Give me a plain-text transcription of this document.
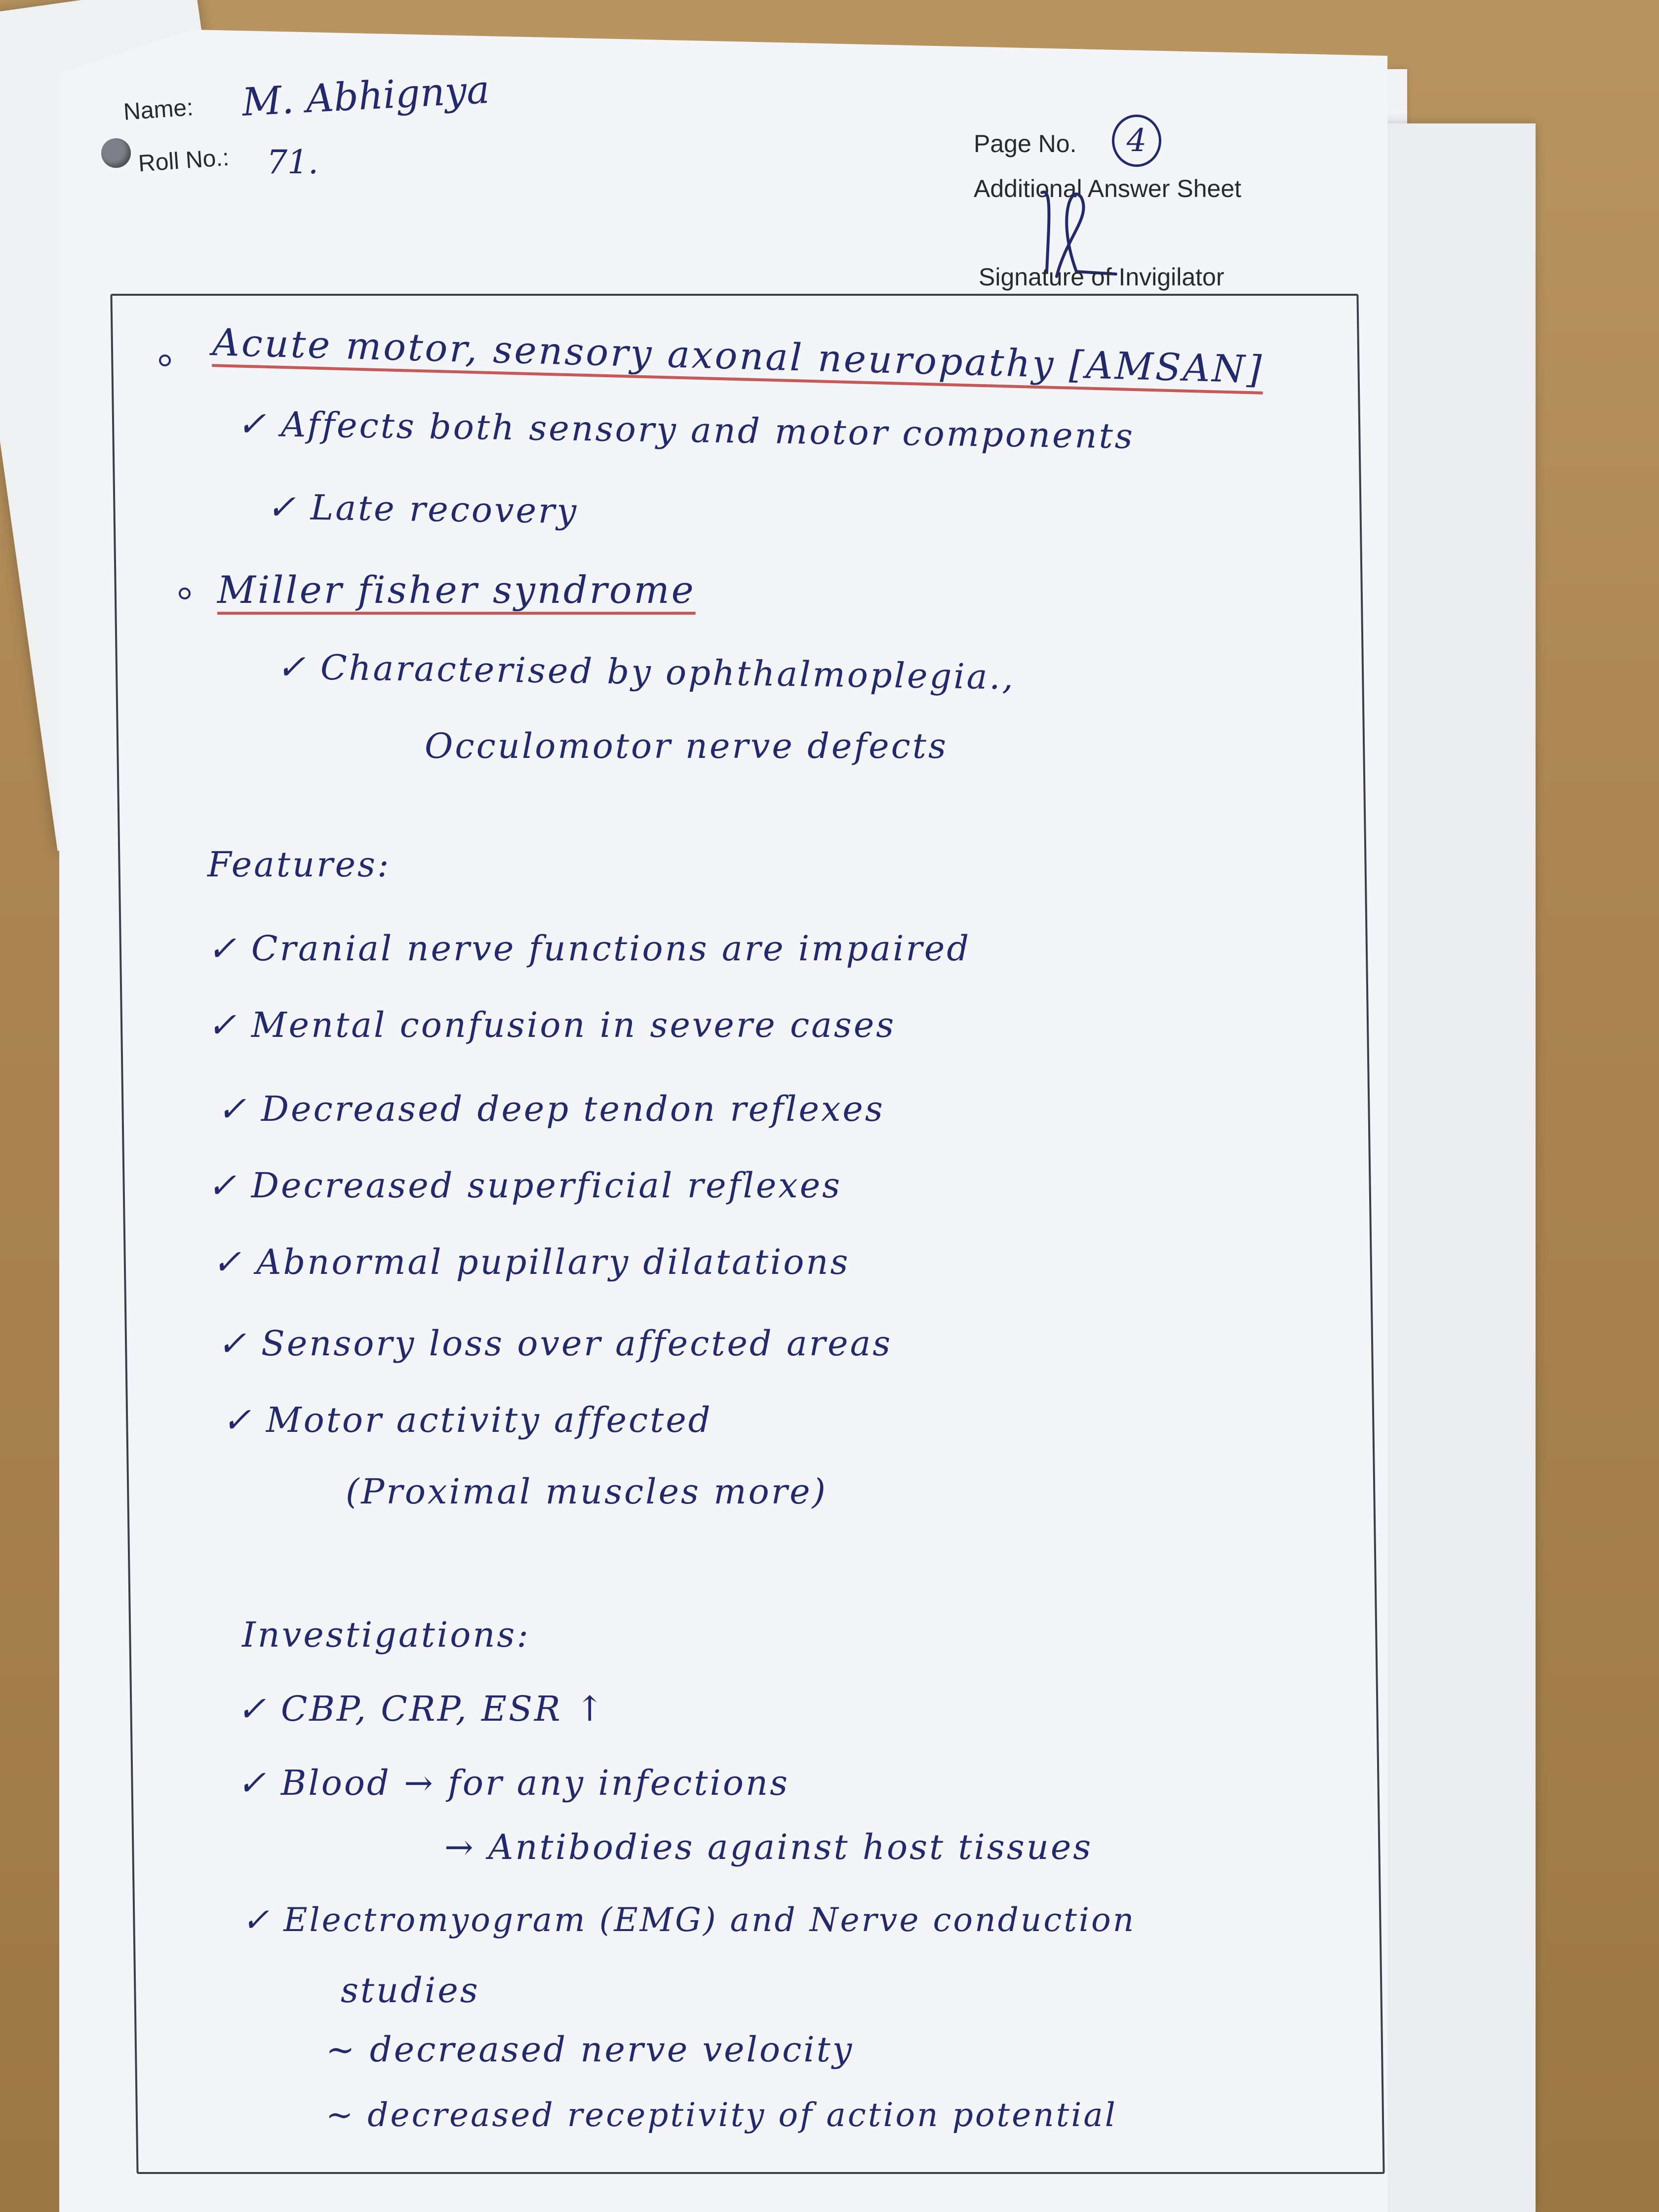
Name: M. Abhignya
Roll No.: 71.	Page No.	4
Additional Answer Sheet
Signature of Invigilator
Acute motor, sensory axonal neuropathy [AMSAN]
✓ Affects both sensory and motor components
✓ Late recovery
Miller fisher syndrome
✓ Characterised by ophthalmoplegia.,
Occulomotor nerve defects
Features:
✓ Cranial nerve functions are impaired
✓ Mental confusion in severe cases
✓ Decreased deep tendon reflexes
✓ Decreased superficial reflexes
✓ Abnormal pupillary dilatations
✓ Sensory loss over affected areas
✓ Motor activity affected
(Proximal muscles more)
Investigations:
✓ CBP, CRP, ESR ↑
✓ Blood → for any infections
→ Antibodies against host tissues
✓ Electromyogram (EMG) and Nerve conduction
studies
~ decreased nerve velocity
~ decreased receptivity of action potential
